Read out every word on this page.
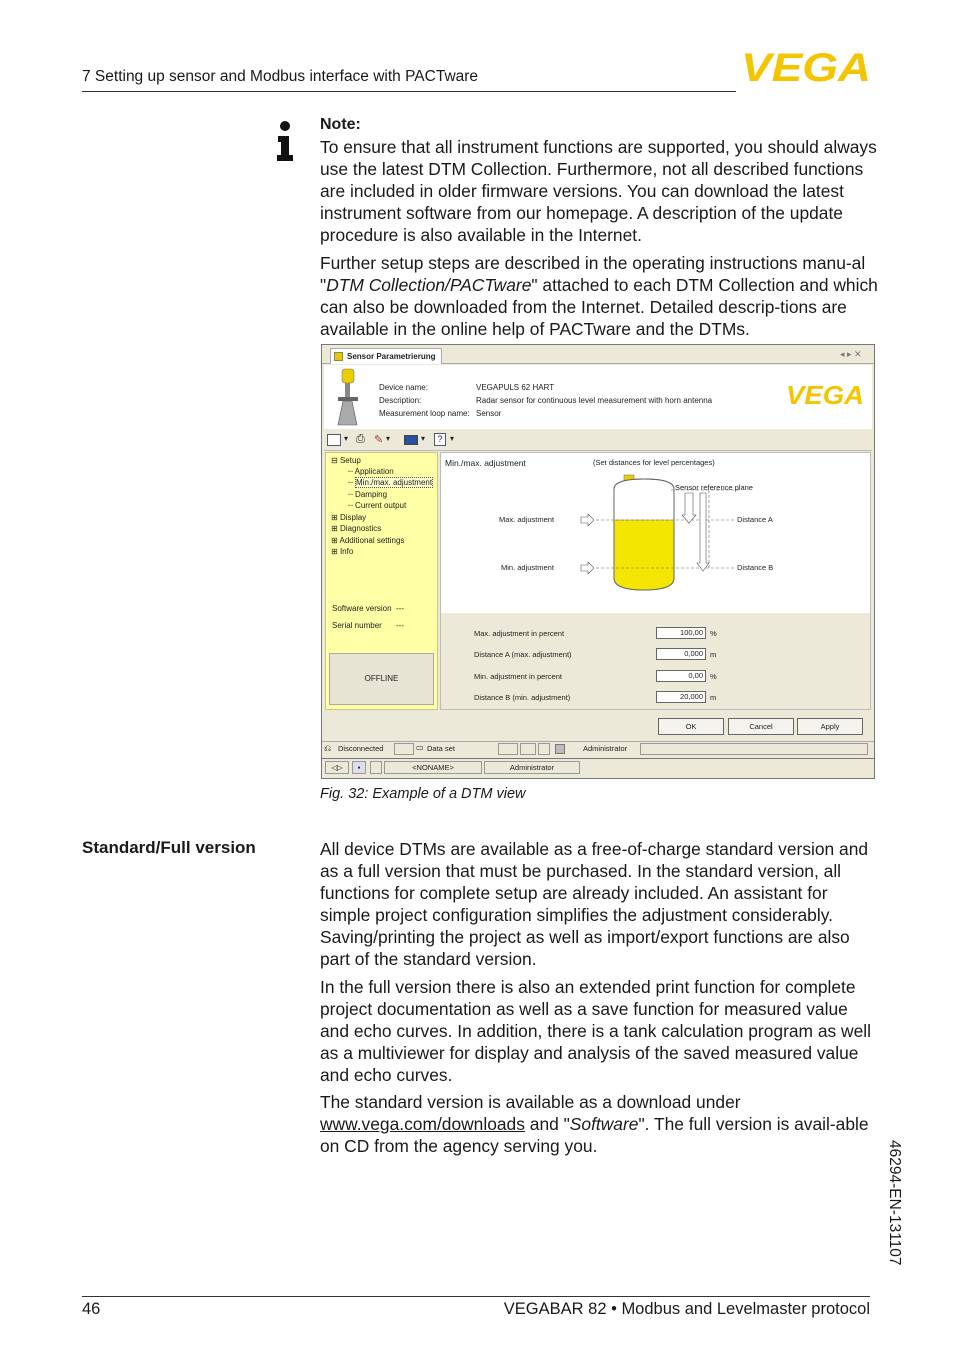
7 Setting up sensor and Modbus interface with PACTware	VEGA
Note:
To ensure that all instrument functions are supported, you should always use the latest DTM Collection. Furthermore, not all described functions are included in older firmware versions. You can download the latest instrument software from our homepage. A description of the update procedure is also available in the Internet.
Further setup steps are described in the operating instructions manu-al "DTM Collection/PACTware" attached to each DTM Collection and which can also be downloaded from the Internet. Detailed descrip-tions are available in the online help of PACTware and the DTMs.
Sensor Parametrierung	◂ ▸ ✕
Device name:	VEGAPULS 62 HART
Description:	Radar sensor for continuous level measurement with horn antenna
Measurement loop name: Sensor
VEGA
▾ ⎙ ✎ ▾	▾	? ▾
⊟ Setup
┈ Application
┈ Min./max. adjustment
┈ Damping
┈ Current output
⊞ Display
⊞ Diagnostics
⊞ Additional settings
⊞ Info
Software version ---
Serial number ---
OFFLINE
Min./max. adjustment	(Set distances for level percentages)
Sensor reference plane
Max. adjustment
Min. adjustment
Distance A
Distance B
Max. adjustment in percent	100,00 %
Distance A (max. adjustment)	0,000 m
Min. adjustment in percent	0,00 %
Distance B (min. adjustment)	20,000 m
OK	Cancel	Apply
⎌ Disconnected	▭ Data set	Administrator
◁▷	▪	<NONAME>	Administrator
Fig. 32: Example of a DTM view
Standard/Full version	All device DTMs are available as a free-of-charge standard version and as a full version that must be purchased. In the standard version, all functions for complete setup are already included. An assistant for simple project configuration simplifies the adjustment considerably. Saving/printing the project as well as import/export functions are also part of the standard version.
In the full version there is also an extended print function for complete project documentation as well as a save function for measured value and echo curves. In addition, there is a tank calculation program as well as a multiviewer for display and analysis of the saved measured value and echo curves.
The standard version is available as a download under
www.vega.com/downloads and "Software". The full version is avail-able on CD from the agency serving you.	46294-EN-131107
46	VEGABAR 82 • Modbus and Levelmaster protocol
